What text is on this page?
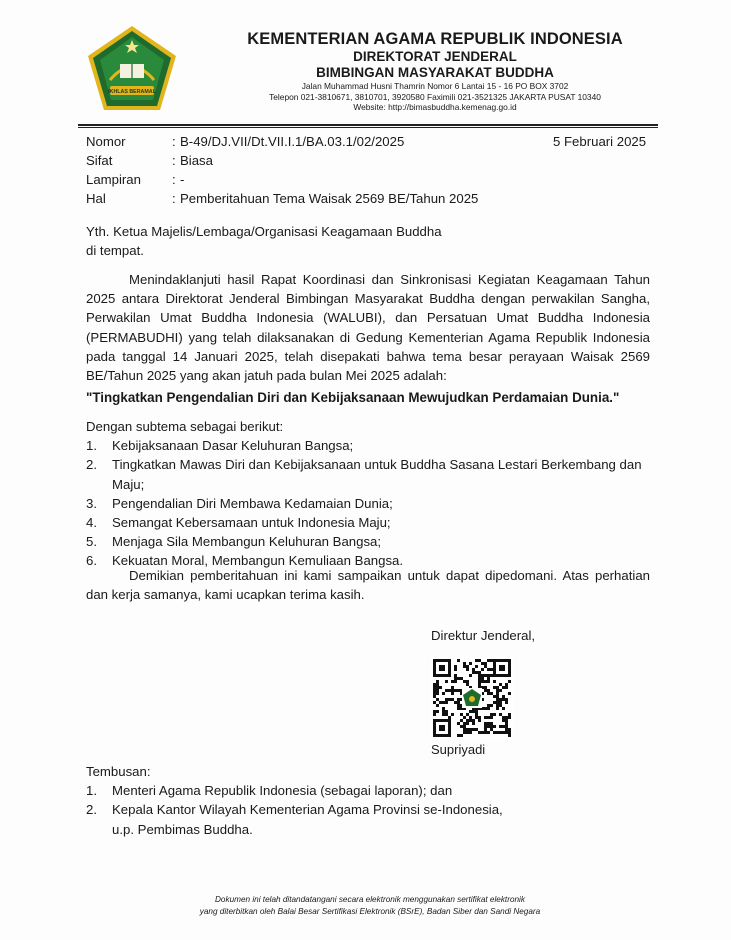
IKHLAS BERAMAL
KEMENTERIAN AGAMA REPUBLIK INDONESIA
DIREKTORAT JENDERAL
BIMBINGAN MASYARAKAT BUDDHA
Jalan Muhammad Husni Thamrin Nomor 6 Lantai 15 - 16 PO BOX 3702
Telepon 021-3810671, 3810701, 3920580 Faximili 021-3521325 JAKARTA PUSAT 10340
Website: http://bimasbuddha.kemenag.go.id
Nomor	: B-49/DJ.VII/Dt.VII.I.1/BA.03.1/02/2025
Sifat	: Biasa
Lampiran	: -
Hal	: Pemberitahuan Tema Waisak 2569 BE/Tahun 2025
5 Februari 2025
Yth. Ketua Majelis/Lembaga/Organisasi Keagamaan Buddha
di tempat.
Menindaklanjuti hasil Rapat Koordinasi dan Sinkronisasi Kegiatan Keagamaan Tahun 2025 antara Direktorat Jenderal Bimbingan Masyarakat Buddha dengan perwakilan Sangha, Perwakilan Umat Buddha Indonesia (WALUBI), dan Persatuan Umat Buddha Indonesia (PERMABUDHI) yang telah dilaksanakan di Gedung Kementerian Agama Republik Indonesia pada tanggal 14 Januari 2025, telah disepakati bahwa tema besar perayaan Waisak 2569 BE/Tahun 2025 yang akan jatuh pada bulan Mei 2025 adalah:
"Tingkatkan Pengendalian Diri dan Kebijaksanaan Mewujudkan Perdamaian Dunia."
Dengan subtema sebagai berikut:
1.	Kebijaksanaan Dasar Keluhuran Bangsa;
2.	Tingkatkan Mawas Diri dan Kebijaksanaan untuk Buddha Sasana Lestari Berkembang dan Maju;
3.	Pengendalian Diri Membawa Kedamaian Dunia;
4.	Semangat Kebersamaan untuk Indonesia Maju;
5.	Menjaga Sila Membangun Keluhuran Bangsa;
6.	Kekuatan Moral, Membangun Kemuliaan Bangsa.
Demikian pemberitahuan ini kami sampaikan untuk dapat dipedomani. Atas perhatian dan kerja samanya, kami ucapkan terima kasih.
Direktur Jenderal,
Supriyadi
Tembusan:
1.	Menteri Agama Republik Indonesia (sebagai laporan); dan
2.	Kepala Kantor Wilayah Kementerian Agama Provinsi se-Indonesia,
u.p. Pembimas Buddha.
Dokumen ini telah ditandatangani secara elektronik menggunakan sertifikat elektronik
yang diterbitkan oleh Balai Besar Sertifikasi Elektronik (BSrE), Badan Siber dan Sandi Negara
